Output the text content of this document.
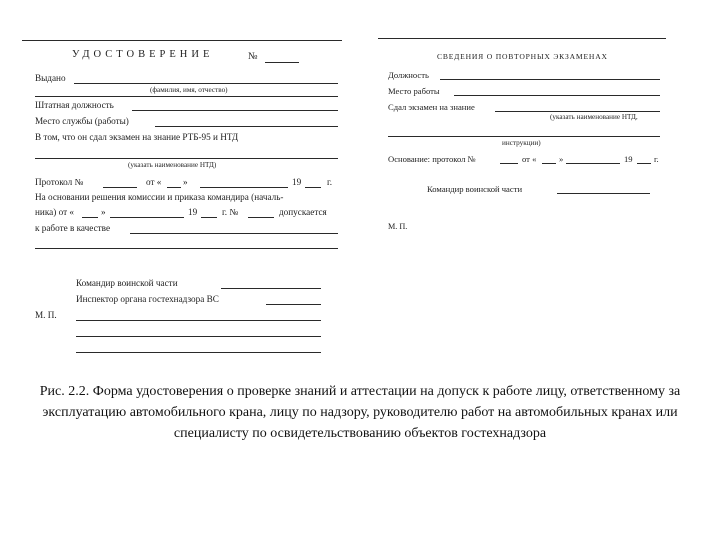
УДОСТОВЕРЕНИЕ	№
Выдано
(фамилия, имя, отчество)
Штатная должность
Место службы (работы)
В том, что он сдал экзамен на знание РТБ-95 и НТД
(указать наименование НТД)
Протокол №	от « »	19	г.
На основании решения комиссии и приказа командира (началь-
ника) от «	»	19	г. №	допускается
к работе в качестве
Командир воинской части
Инспектор органа гостехнадзора ВС
М. П.
СВЕДЕНИЯ О ПОВТОРНЫХ ЭКЗАМЕНАХ
Должность
Место работы
Сдал экзамен на знание
(указать наименование НТД,
инструкции)
Основание: протокол №	от «	»	19 г.
Командир воинской части
М. П.
Рис. 2.2. Форма удостоверения о проверке знаний и аттестации на допуск к работе лицу, ответственному за эксплуатацию автомобильного крана, лицу по надзору, руководителю работ на автомобильных кранах или специалисту по освидетельствованию объектов гостехнадзора
